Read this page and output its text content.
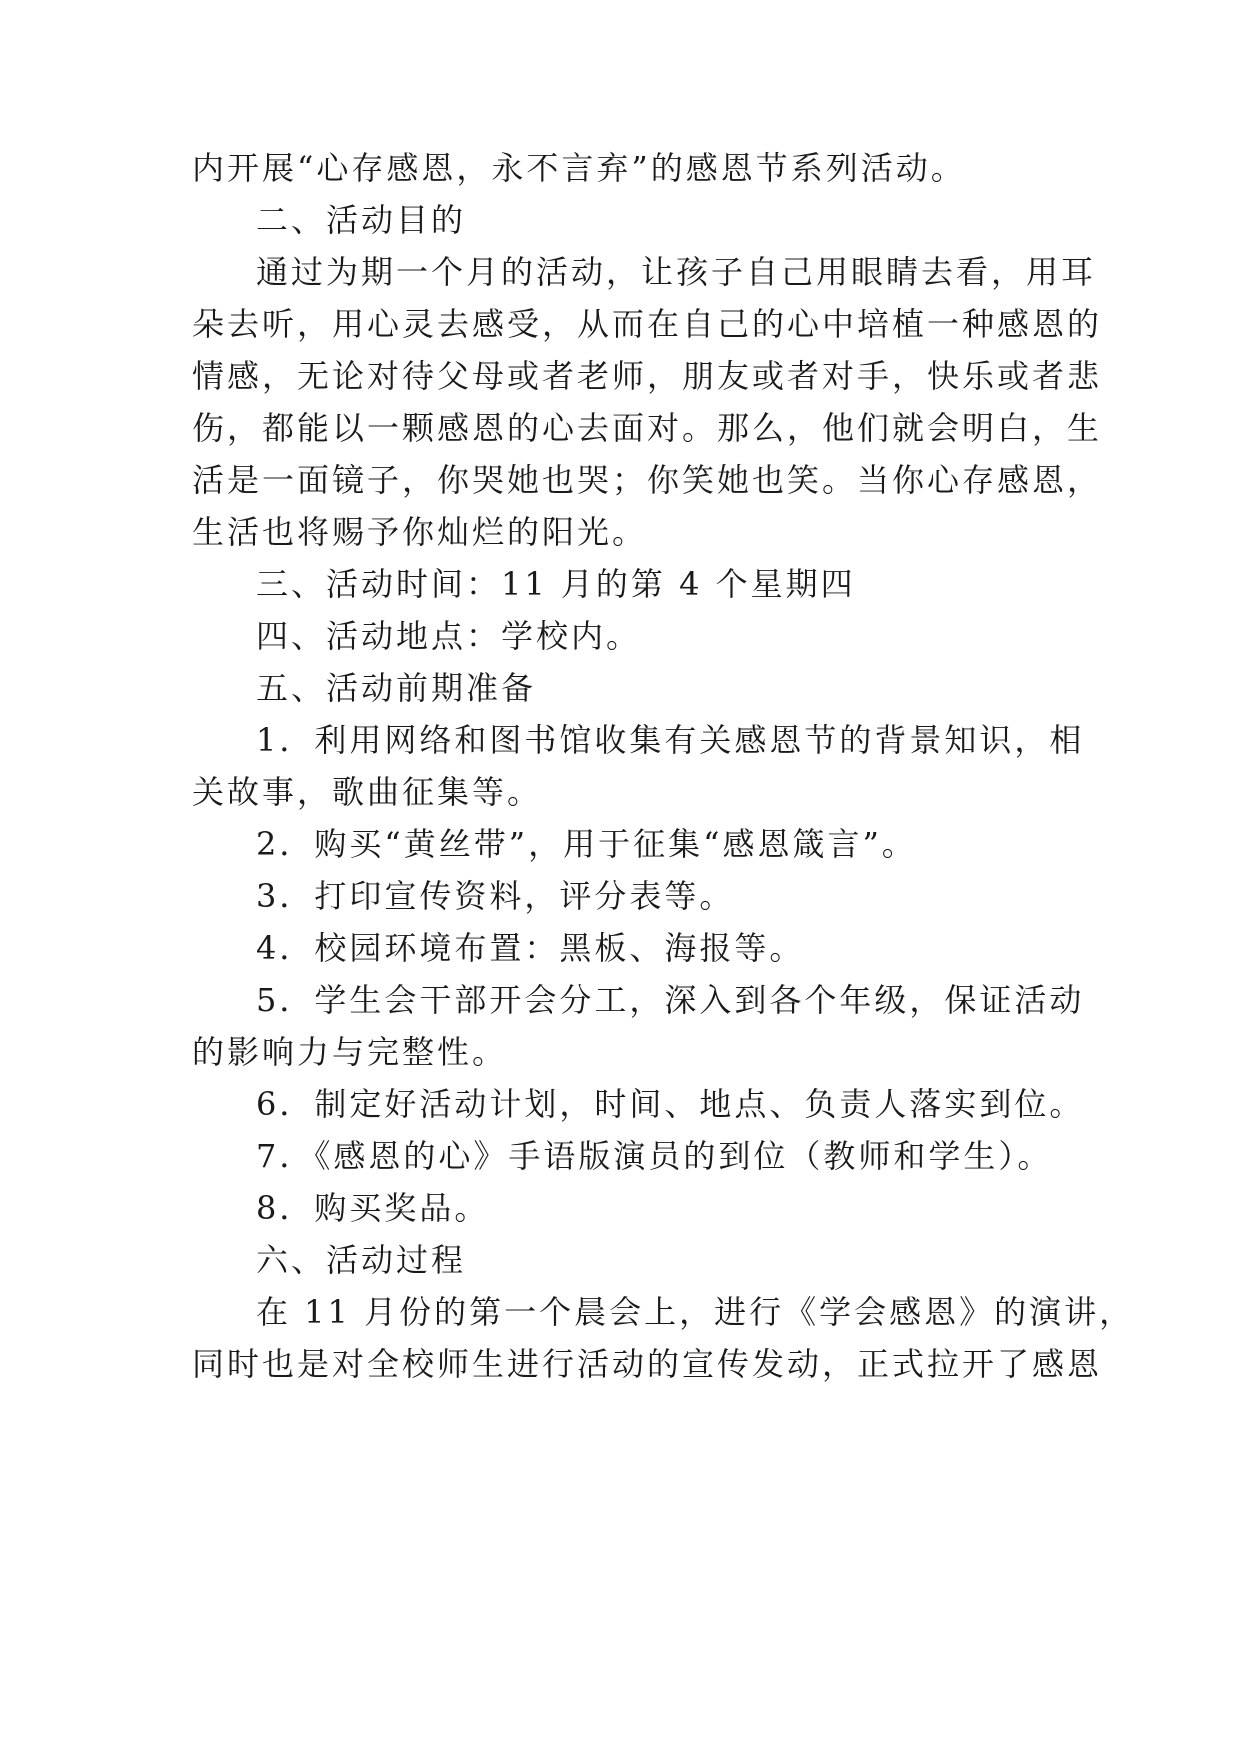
内开展“心存感恩，永不言弃”的感恩节系列活动。
二、活动目的
通过为期一个月的活动，让孩子自己用眼睛去看，用耳
朵去听，用心灵去感受，从而在自己的心中培植一种感恩的
情感，无论对待父母或者老师，朋友或者对手，快乐或者悲
伤，都能以一颗感恩的心去面对。那么，他们就会明白，生
活是一面镜子，你哭她也哭；你笑她也笑。当你心存感恩，
生活也将赐予你灿烂的阳光。
三、活动时间：11 月的第 4 个星期四
四、活动地点：学校内。
五、活动前期准备
1．利用网络和图书馆收集有关感恩节的背景知识，相
关故事，歌曲征集等。
2．购买“黄丝带”，用于征集“感恩箴言”。
3．打印宣传资料，评分表等。
4．校园环境布置：黑板、海报等。
5．学生会干部开会分工，深入到各个年级，保证活动
的影响力与完整性。
6．制定好活动计划，时间、地点、负责人落实到位。
7．《感恩的心》手语版演员的到位（教师和学生）。
8．购买奖品。
六、活动过程
在 11 月份的第一个晨会上，进行《学会感恩》的演讲，
同时也是对全校师生进行活动的宣传发动，正式拉开了感恩
